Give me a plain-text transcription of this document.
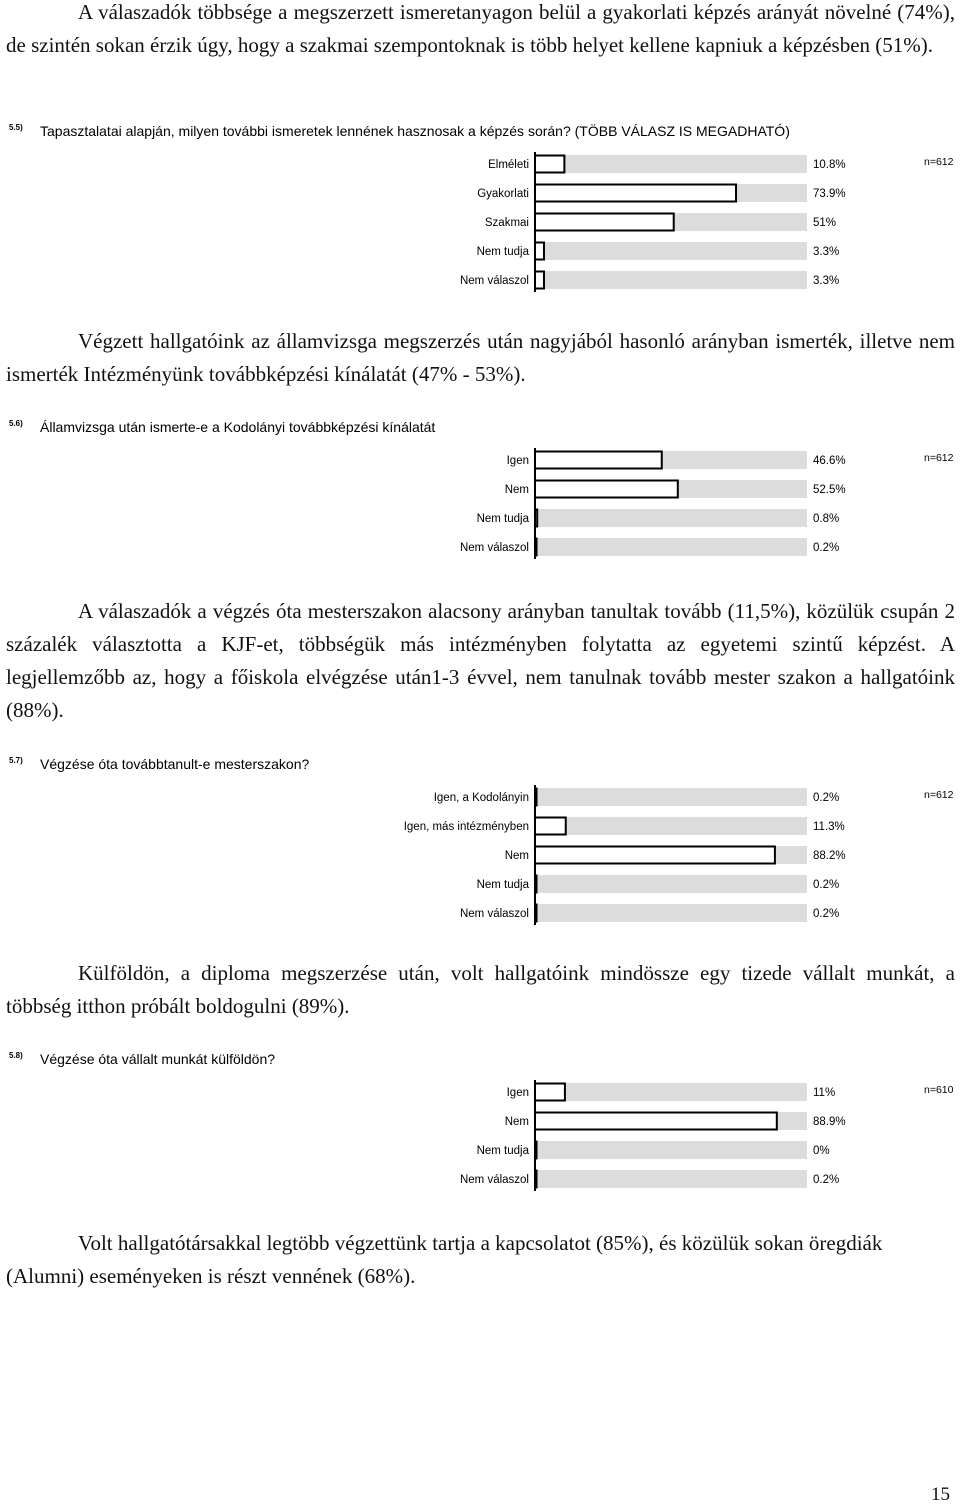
A válaszadók többsége a megszerzett ismeretanyagon belül a gyakorlati képzés arányát növelné (74%), de szintén sokan érzik úgy, hogy a szakmai szempontoknak is több helyet kellene kapniuk a képzésben (51%).
5.5) Tapasztalatai alapján, milyen további ismeretek lennének hasznosak a képzés során? (TÖBB VÁLASZ IS MEGADHATÓ)
Elméleti	10.8%
Gyakorlati	73.9%
Szakmai	51%
Nem tudja	3.3%
Nem válaszol	3.3%
n=612
Végzett hallgatóink az államvizsga megszerzés után nagyjából hasonló arányban ismerték, illetve nem ismerték Intézményünk továbbképzési kínálatát (47% - 53%).
5.6) Államvizsga után ismerte-e a Kodolányi továbbképzési kínálatát
Igen	46.6%
Nem	52.5%
Nem tudja	0.8%
Nem válaszol	0.2%
n=612
A válaszadók a végzés óta mesterszakon alacsony arányban tanultak tovább (11,5%), közülük csupán 2 százalék választotta a KJF-et, többségük más intézményben folytatta az egyetemi szintű képzést. A legjellemzőbb az, hogy a főiskola elvégzése után1-3 évvel, nem tanulnak tovább mester szakon a hallgatóink (88%).
5.7) Végzése óta továbbtanult-e mesterszakon?
Igen, a Kodolányin	0.2%
Igen, más intézményben	11.3%
Nem	88.2%
Nem tudja	0.2%
Nem válaszol	0.2%
n=612
Külföldön, a diploma megszerzése után, volt hallgatóink mindössze egy tizede vállalt munkát, a többség itthon próbált boldogulni (89%).
5.8) Végzése óta vállalt munkát külföldön?
Igen	11%
Nem	88.9%
Nem tudja	0%
Nem válaszol	0.2%
n=610
Volt hallgatótársakkal legtöbb végzettünk tartja a kapcsolatot (85%), és közülük sokan öregdiák (Alumni) eseményeken is részt vennének (68%).
15
